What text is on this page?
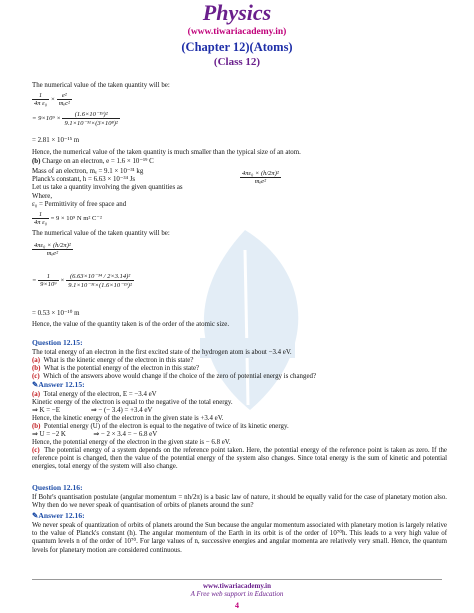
Physics
(www.tiwariacademy.in)
(Chapter 12)(Atoms)
(Class 12)
The numerical value of the taken quantity will be:
$\frac{1}{\text{4π ε₀}} \times \frac{\text{e²}}{\text{mₑc²}}$
= $9\times 10^9 \times \frac{\text{(1.6×10⁻¹⁹)²}}{\text{9.1×10⁻³¹×(3×10⁸)²}}$
= 2.81 × 10⁻¹⁵ m
Hence, the numerical value of the taken quantity is much smaller than the typical size of an atom.
(b) Charge on an electron, e = 1.6 × 10⁻¹⁹ C
Mass of an electron, mₑ = 9.1 × 10⁻³¹ kg
Planck's constant, h = 6.63 × 10⁻³⁴ Js
Let us take a quantity involving the given quantities as
$\frac{\text{4πε₀ × (h/2π)²}}{\text{mₑe²}}$
Where,
ε₀ = Permittivity of free space and
$\frac{1}{\text{4π ε₀}} = 9 \times 10^9$ N m² C⁻²
The numerical value of the taken quantity will be:
$\frac{\text{4πε₀ × (h/2π)²}}{\text{mₑe²}}$
= $\frac{1}{\text{9×10⁹}} \times \frac{\text{(6.63×10⁻³⁴ / 2×3.14)²}}{\text{9.1×10⁻³¹×(1.6×10⁻¹⁹)²}}$
= 0.53 × 10⁻¹⁰ m
Hence, the value of the quantity taken is of the order of the atomic size.
Question 12.15:
The total energy of an electron in the first excited state of the hydrogen atom is about −3.4 eV.
(a) What is the kinetic energy of the electron in this state?
(b) What is the potential energy of the electron in this state?
(c) Which of the answers above would change if the choice of the zero of potential energy is changed?
✎Answer 12.15:
(a) Total energy of the electron, E = −3.4 eV
Kinetic energy of the electron is equal to the negative of the total energy.
⇒ K = −E                  ⇒ − (− 3.4) = +3.4 eV
Hence, the kinetic energy of the electron in the given state is +3.4 eV.
(b) Potential energy (U) of the electron is equal to the negative of twice of its kinetic energy.
⇒ U = −2 K                ⇒ − 2 × 3.4 = − 6.8 eV
Hence, the potential energy of the electron in the given state is − 6.8 eV.
(c) The potential energy of a system depends on the reference point taken. Here, the potential energy of the reference point is taken as zero. If the reference point is changed, then the value of the potential energy of the system also changes. Since total energy is the sum of kinetic and potential energies, total energy of the system will also change.
Question 12.16:
If Bohr's quantisation postulate (angular momentum = nh/2π) is a basic law of nature, it should be equally valid for the case of planetary motion also. Why then do we never speak of quantisation of orbits of planets around the sun?
✎Answer 12.16:
We never speak of quantization of orbits of planets around the Sun because the angular momentum associated with planetary motion is largely relative to the value of Planck's constant (h). The angular momentum of the Earth in its orbit is of the order of 10⁷⁰h. This leads to a very high value of quantum levels n of the order of 10⁷⁰. For large values of n, successive energies and angular momenta are relatively very small. Hence, the quantum levels for planetary motion are considered continuous.
www.tiwariacademy.in
A Free web support in Education
4
